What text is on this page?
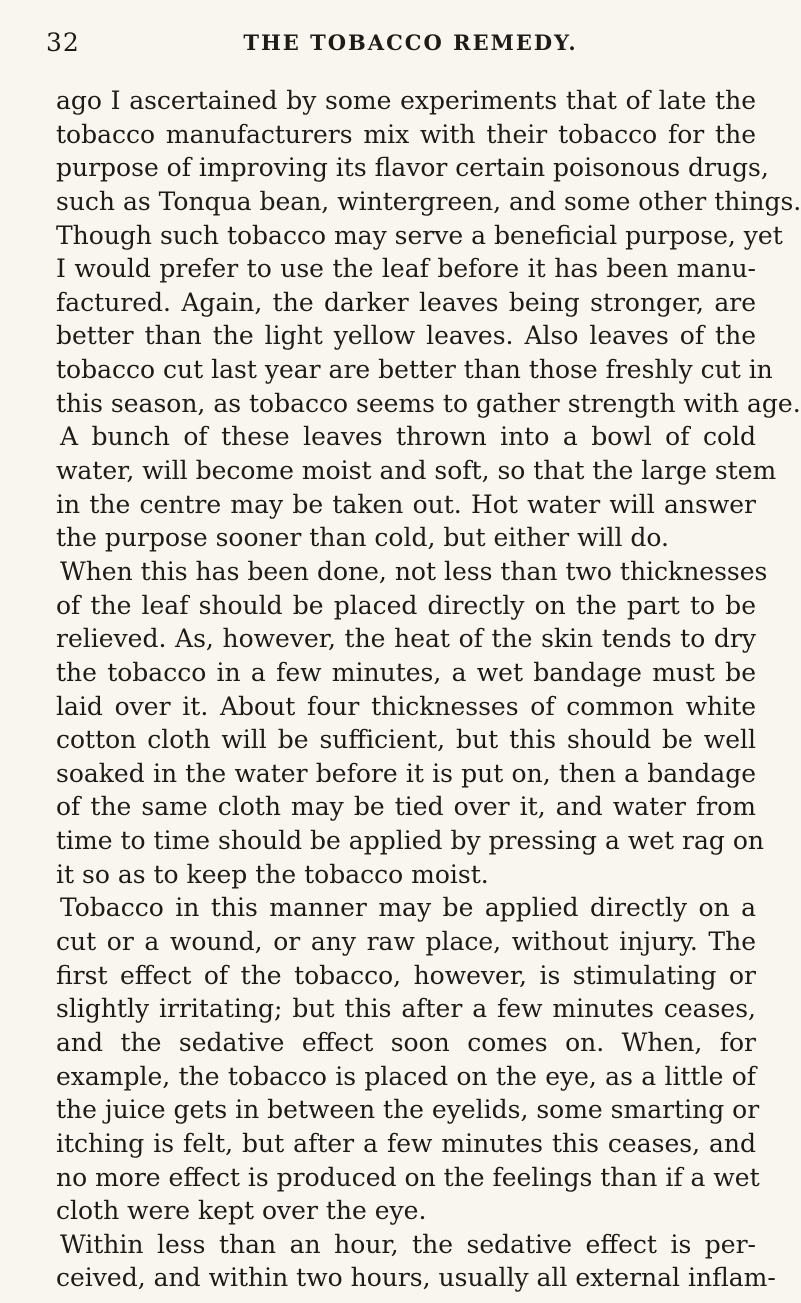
32	THE TOBACCO REMEDY.
ago I ascertained by some experiments that of late the
tobacco manufacturers mix with their tobacco for the
purpose of improving its flavor certain poisonous drugs,
such as Tonqua bean, wintergreen, and some other things.
Though such tobacco may serve a beneficial purpose, yet
I would prefer to use the leaf before it has been manu-
factured. Again, the darker leaves being stronger, are
better than the light yellow leaves. Also leaves of the
tobacco cut last year are better than those freshly cut in
this season, as tobacco seems to gather strength with age.
A bunch of these leaves thrown into a bowl of cold
water, will become moist and soft, so that the large stem
in the centre may be taken out. Hot water will answer
the purpose sooner than cold, but either will do.
When this has been done, not less than two thicknesses
of the leaf should be placed directly on the part to be
relieved. As, however, the heat of the skin tends to dry
the tobacco in a few minutes, a wet bandage must be
laid over it. About four thicknesses of common white
cotton cloth will be sufficient, but this should be well
soaked in the water before it is put on, then a bandage
of the same cloth may be tied over it, and water from
time to time should be applied by pressing a wet rag on
it so as to keep the tobacco moist.
Tobacco in this manner may be applied directly on a
cut or a wound, or any raw place, without injury. The
first effect of the tobacco, however, is stimulating or
slightly irritating; but this after a few minutes ceases,
and the sedative effect soon comes on. When, for
example, the tobacco is placed on the eye, as a little of
the juice gets in between the eyelids, some smarting or
itching is felt, but after a few minutes this ceases, and
no more effect is produced on the feelings than if a wet
cloth were kept over the eye.
Within less than an hour, the sedative effect is per-
ceived, and within two hours, usually all external inflam-
